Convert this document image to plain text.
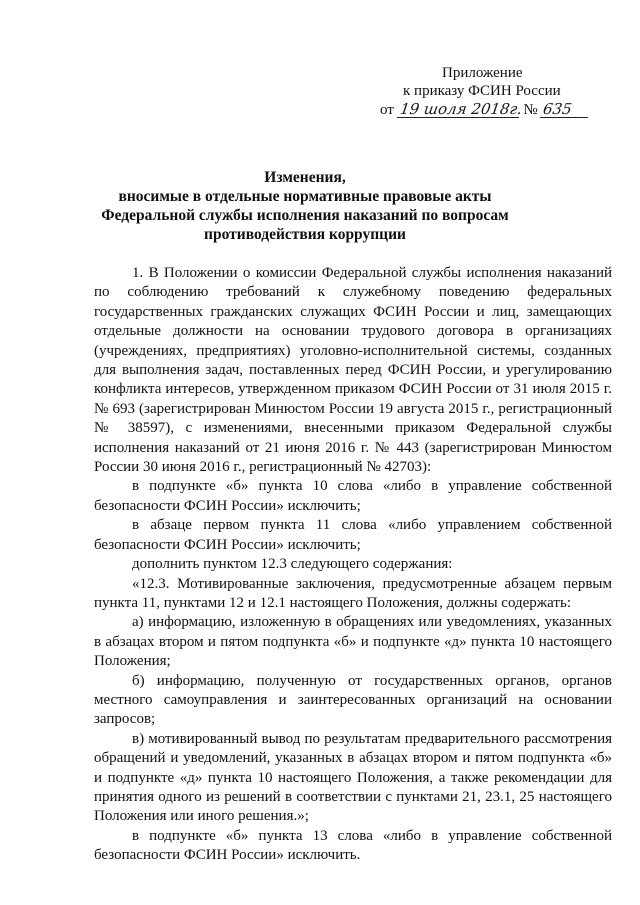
Приложение
к приказу ФСИН России
от 19 шоля 2018г. № 635
Изменения,
вносимые в отдельные нормативные правовые акты
Федеральной службы исполнения наказаний по вопросам
противодействия коррупции

1. В Положении о комиссии Федеральной службы исполнения наказаний по соблюдению требований к служебному поведению федеральных государственных гражданских служащих ФСИН России и лиц, замещающих отдельные должности на основании трудового договора в организациях (учреждениях, предприятиях) уголовно-исполнительной системы, созданных для выполнения задач, поставленных перед ФСИН России, и урегулированию конфликта интересов, утвержденном приказом ФСИН России от 31 июля 2015 г. № 693 (зарегистрирован Минюстом России 19 августа 2015 г., регистрационный № 38597), с изменениями, внесенными приказом Федеральной службы исполнения наказаний от 21 июня 2016 г. № 443 (зарегистрирован Минюстом России 30 июня 2016 г., регистрационный № 42703):

в подпункте «б» пункта 10 слова «либо в управление собственной безопасности ФСИН России» исключить;

в абзаце первом пункта 11 слова «либо управлением собственной безопасности ФСИН России» исключить;

дополнить пунктом 12.3 следующего содержания:

«12.3. Мотивированные заключения, предусмотренные абзацем первым пункта 11, пунктами 12 и 12.1 настоящего Положения, должны содержать:

а) информацию, изложенную в обращениях или уведомлениях, указанных в абзацах втором и пятом подпункта «б» и подпункте «д» пункта 10 настоящего Положения;

б) информацию, полученную от государственных органов, органов местного самоуправления и заинтересованных организаций на основании запросов;

в) мотивированный вывод по результатам предварительного рассмотрения обращений и уведомлений, указанных в абзацах втором и пятом подпункта «б» и подпункте «д» пункта 10 настоящего Положения, а также рекомендации для принятия одного из решений в соответствии с пунктами 21, 23.1, 25 настоящего Положения или иного решения.»;

в подпункте «б» пункта 13 слова «либо в управление собственной безопасности ФСИН России» исключить.
